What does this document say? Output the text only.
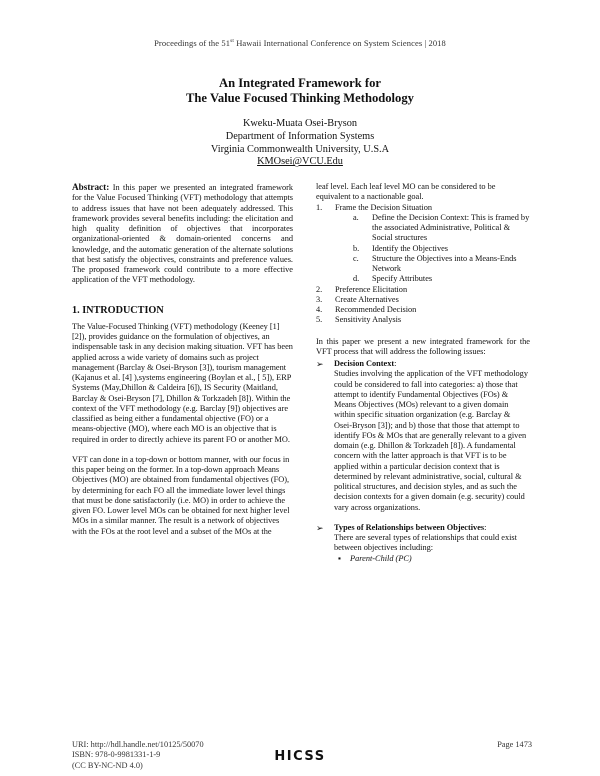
Proceedings of the 51st Hawaii International Conference on System Sciences | 2018
An Integrated Framework for
The Value Focused Thinking Methodology
Kweku-Muata Osei-Bryson
Department of Information Systems
Virginia Commonwealth University, U.S.A
KMOsei@VCU.Edu
Abstract: In this paper we presented an integrated framework for the Value Focused Thinking (VFT) methodology that attempts to address issues that have not been adequately addressed. This framework provides several benefits including: the elicitation and high quality definition of objectives that incorporates organizational-oriented & domain-oriented concerns and knowledge, and the automatic generation of the alternate solutions that best satisfy the objectives, constraints and preference values. The proposed framework could contribute to a more effective application of the VFT methodology.
1. INTRODUCTION
The Value-Focused Thinking (VFT) methodology (Keeney [1] [2]), provides guidance on the formulation of objectives, an indispensable task in any decision making situation. VFT has been applied across a wide variety of domains such as project management (Barclay & Osei-Bryson [3]), tourism management (Kajanus et al. [4] ),systems engineering (Boylan et al., [ 5]), ERP Systems (May,Dhillon & Caldeira [6]), IS Security (Maitland, Barclay & Osei-Bryson [7], Dhillon & Torkzadeh [8]). Within the context of the VFT methodology (e.g. Barclay [9]) objectives are classified as being either a fundamental objective (FO) or a means-objective (MO), where each MO is an objective that is required in order to directly achieve its parent FO or another MO.
VFT can done in a top-down or bottom manner, with our focus in this paper being on the former. In a top-down approach Means Objectives (MO) are obtained from fundamental objectives (FO), by determining for each FO all the immediate lower level things that must be done satisfactorily (i.e. MO) in order to achieve the given FO. Lower level MOs can be obtained for next higher level MOs in a similar manner. The result is a network of objectives with the FOs at the root level and a subset of the MOs at the
leaf level. Each leaf level MO can be considered to be equivalent to a nactionable goal.
1. Frame the Decision Situation
a. Define the Decision Context: This is framed by the associated Administrative, Political & Social structures
b. Identify the Objectives
c. Structure the Objectives into a Means-Ends Network
d. Specify Attributes
2. Preference Elicitation
3. Create Alternatives
4. Recommended Decision
5. Sensitivity Analysis
In this paper we present a new integrated framework for the VFT process that will address the following issues:
➢ Decision Context:
Studies involving the application of the VFT methodology could be considered to fall into categories: a) those that attempt to identify Fundamental Objectives (FOs) & Means Objectives (MOs) relevant to a given domain within specific situation organization (e.g. Barclay & Osei-Bryson [3]); and b) those that those that attempt to identify FOs & MOs that are generally relevant to a given domain (e.g. Dhillon & Torkzadeh [8]). A fundamental concern with the latter approach is that VFT is to be applied within a particular decision context that is determined by relevant administrative, social, cultural & political structures, and decision styles, and as such the decision contexts for a given domain (e.g. security) could vary across organizations.
➢ Types of Relationships between Objectives:
There are several types of relationships that could exist between objectives including:
▪ Parent-Child (PC)
URI: http://hdl.handle.net/10125/50070
ISBN: 978-0-9981331-1-9
(CC BY-NC-ND 4.0)
Page 1473
HICSS
